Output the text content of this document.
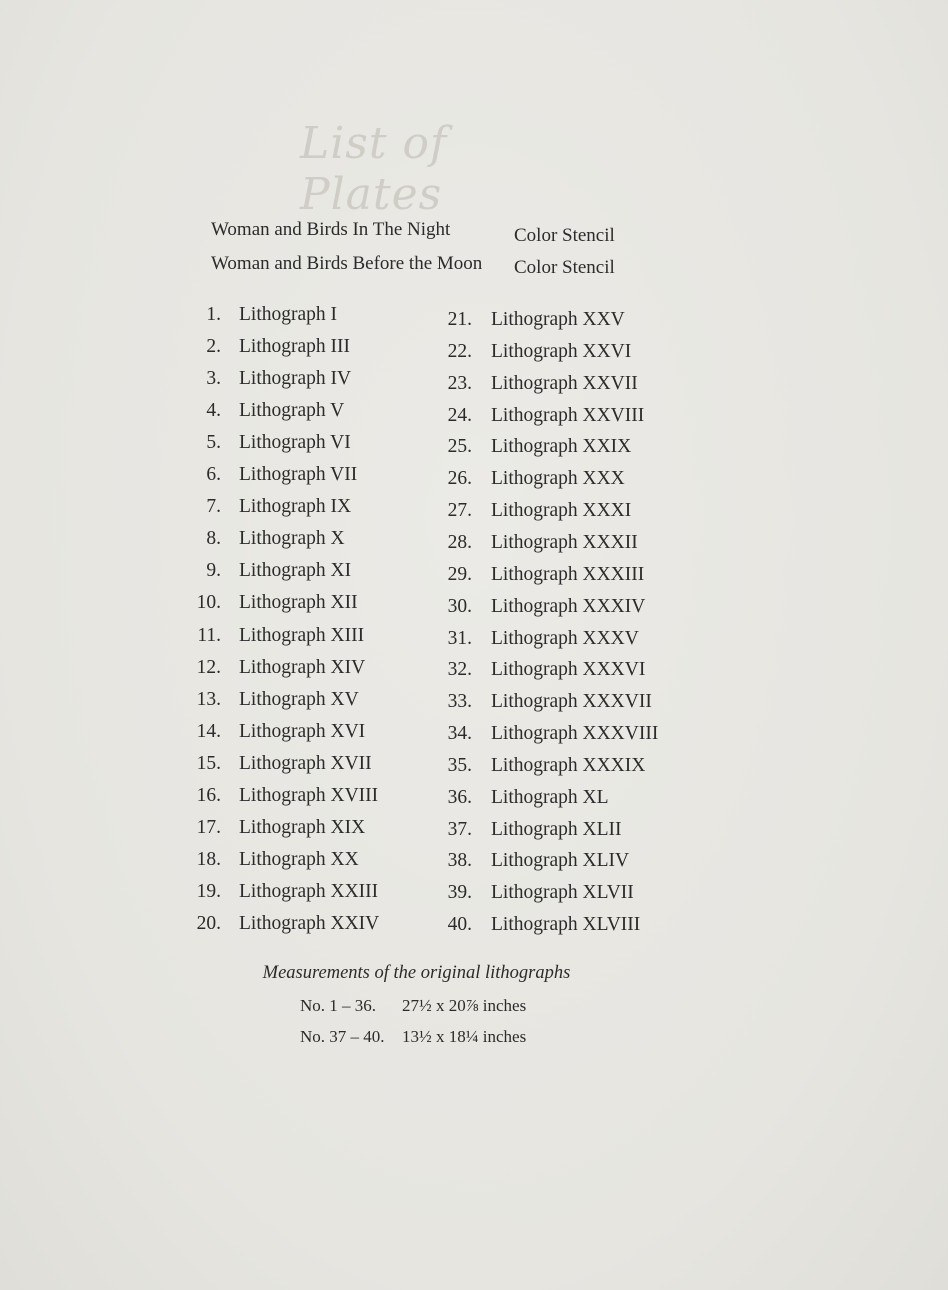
List of Plates
Woman and Birds In The Night	Color Stencil
Woman and Birds Before the Moon Color Stencil
1. Lithograph I
2. Lithograph III
3. Lithograph IV
4. Lithograph V
5. Lithograph VI
6. Lithograph VII
7. Lithograph IX
8. Lithograph X
9. Lithograph XI
10. Lithograph XII
11. Lithograph XIII
12. Lithograph XIV
13. Lithograph XV
14. Lithograph XVI
15. Lithograph XVII
16. Lithograph XVIII
17. Lithograph XIX
18. Lithograph XX
19. Lithograph XXIII
20. Lithograph XXIV
21. Lithograph XXV
22. Lithograph XXVI
23. Lithograph XXVII
24. Lithograph XXVIII
25. Lithograph XXIX
26. Lithograph XXX
27. Lithograph XXXI
28. Lithograph XXXII
29. Lithograph XXXIII
30. Lithograph XXXIV
31. Lithograph XXXV
32. Lithograph XXXVI
33. Lithograph XXXVII
34. Lithograph XXXVIII
35. Lithograph XXXIX
36. Lithograph XL
37. Lithograph XLII
38. Lithograph XLIV
39. Lithograph XLVII
40. Lithograph XLVIII
Measurements of the original lithographs
No. 1 – 36. 27½ x 20⅞ inches
No. 37 – 40. 13½ x 18¼ inches
